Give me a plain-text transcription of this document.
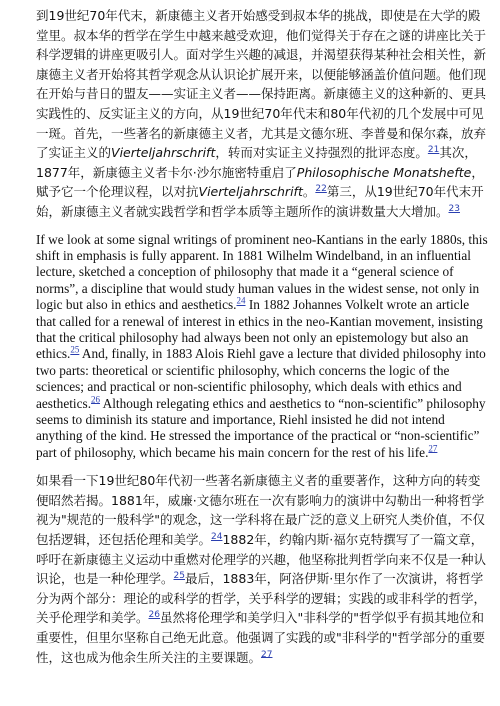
到19世纪70年代末，新康德主义者开始感受到叔本华的挑战，即使是在大学的殿堂里。叔本华的哲学在学生中越来越受欢迎，他们觉得关于存在之谜的讲座比关于科学逻辑的讲座更吸引人。面对学生兴趣的减退，并渴望获得某种社会相关性，新康德主义者开始将其哲学观念从认识论扩展开来，以便能够涵盖价值问题。他们现在开始与昔日的盟友——实证主义者——保持距离。新康德主义的这种新的、更具实践性的、反实证主义的方向，从19世纪70年代末和80年代初的几个发展中可见一斑。首先，一些著名的新康德主义者，尤其是文德尔班、李普曼和保尔森，放弃了实证主义的Vierteljahrschrift，转而对实证主义持强烈的批评态度。$^{21}$其次，1877年，新康德主义者卡尔·沙尔施密特重启了Philosophische Monatshefte，赋予它一个伦理议程，以对抗Vierteljahrschrift。$^{22}$第三，从19世纪70年代末开始，新康德主义者就实践哲学和哲学本质等主题所作的演讲数量大大增加。$^{23}$

If we look at some signal writings of prominent neo-Kantians in the early 1880s, this shift in emphasis is fully apparent. In 1881 Wilhelm Windelband, in an influential lecture, sketched a conception of philosophy that made it a “general science of norms”, a discipline that would study human values in the widest sense, not only in logic but also in ethics and aesthetics.$^{24}$ In 1882 Johannes Volkelt wrote an article that called for a renewal of interest in ethics in the neo-Kantian movement, insisting that the critical philosophy had always been not only an epistemology but also an ethics.$^{25}$ And, finally, in 1883 Alois Riehl gave a lecture that divided philosophy into two parts: theoretical or scientific philosophy, which concerns the logic of the sciences; and practical or non-scientific philosophy, which deals with ethics and aesthetics.$^{26}$ Although relegating ethics and aesthetics to “non-scientific” philosophy seems to diminish its stature and importance, Riehl insisted he did not intend anything of the kind. He stressed the importance of the practical or “non-scientific” part of philosophy, which became his main concern for the rest of his life.$^{27}$

如果看一下19世纪80年代初一些著名新康德主义者的重要著作，这种方向的转变便昭然若揭。1881年，威廉·文德尔班在一次有影响力的演讲中勾勒出一种将哲学视为"规范的一般科学"的观念，这一学科将在最广泛的意义上研究人类价值，不仅包括逻辑，还包括伦理和美学。$^{24}$1882年，约翰内斯·福尔克特撰写了一篇文章，呼吁在新康德主义运动中重燃对伦理学的兴趣，他坚称批判哲学向来不仅是一种认识论，也是一种伦理学。$^{25}$最后，1883年，阿洛伊斯·里尔作了一次演讲，将哲学分为两个部分：理论的或科学的哲学，关乎科学的逻辑；实践的或非科学的哲学，关乎伦理学和美学。$^{26}$虽然将伦理学和美学归入"非科学的"哲学似乎有损其地位和重要性，但里尔坚称自己绝无此意。他强调了实践的或"非科学的"哲学部分的重要性，这也成为他余生所关注的主要课题。$^{27}$
